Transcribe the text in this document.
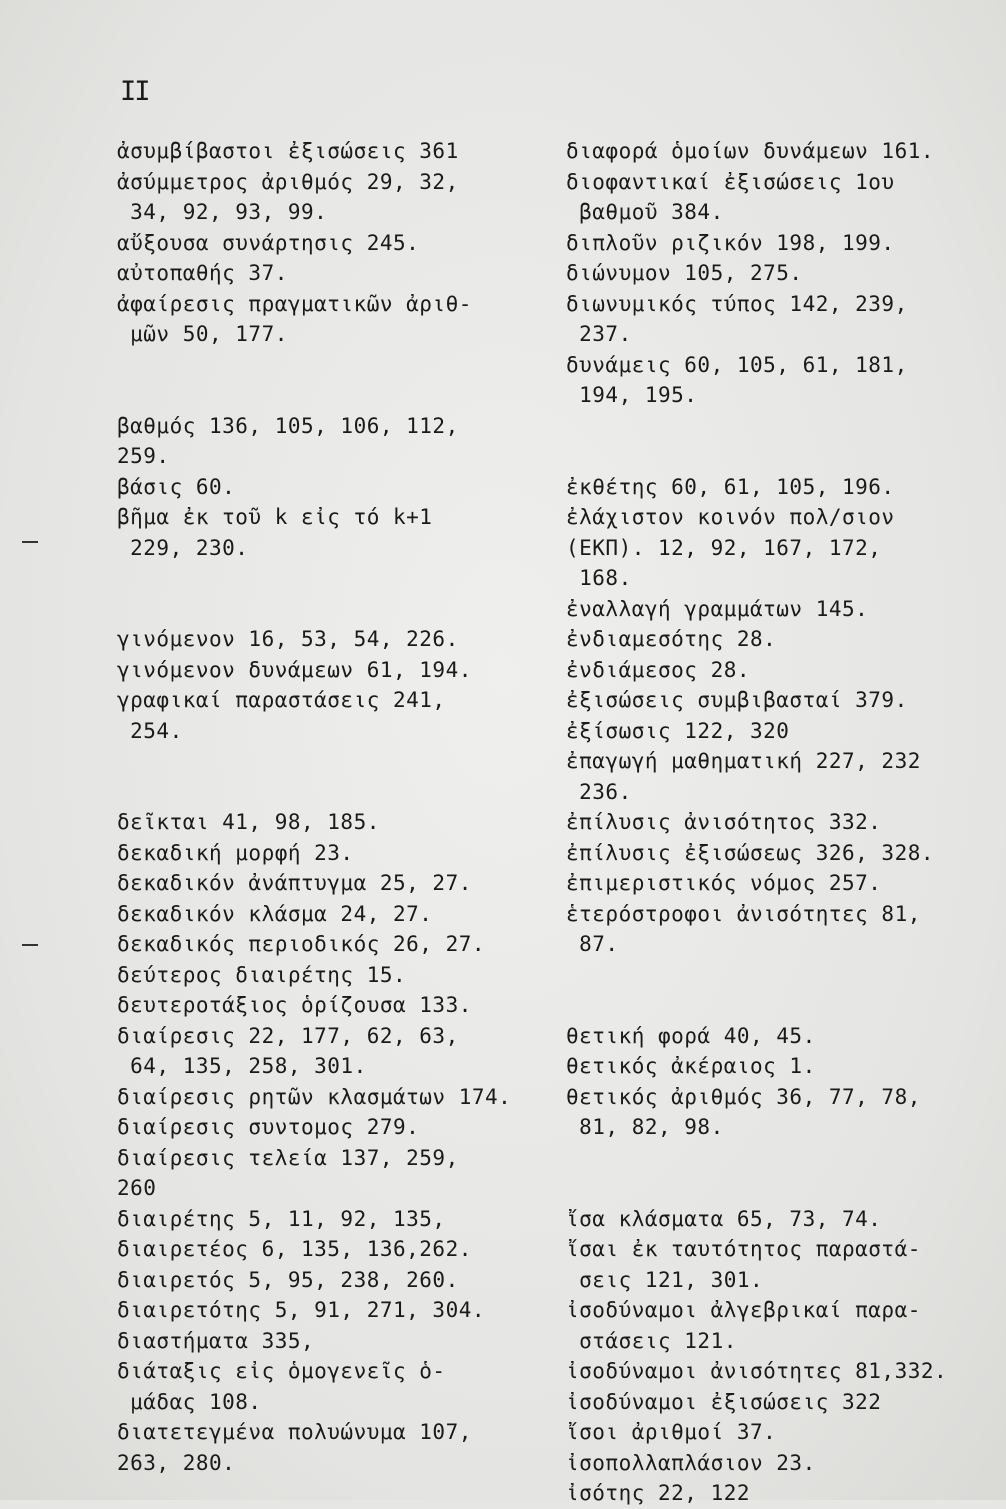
II
ἀσυμβίβαστοι ἐξισώσεις 361
ἀσύμμετρος ἀριθμός 29, 32,
34, 92, 93, 99.
αὔξουσα συνάρτησις 245.
αὐτοπαθής 37.
ἀφαίρεσις πραγματικῶν ἀριθ-
μῶν 50, 177.
βαθμός 136, 105, 106, 112,
259.
βάσις 60.
βῆμα ἐκ τοῦ k εἰς τό k+1
229, 230.
γινόμενον 16, 53, 54, 226.
γινόμενον δυνάμεων 61, 194.
γραφικαί παραστάσεις 241,
254.
δεῖκται 41, 98, 185.
δεκαδική μορφή 23.
δεκαδικόν ἀνάπτυγμα 25, 27.
δεκαδικόν κλάσμα 24, 27.
δεκαδικός περιοδικός 26, 27.
δεύτερος διαιρέτης 15.
δευτεροτάξιος ὁρίζουσα 133.
διαίρεσις 22, 177, 62, 63,
64, 135, 258, 301.
διαίρεσις ρητῶν κλασμάτων 174.
διαίρεσις συντομος 279.
διαίρεσις τελεία 137, 259,
260
διαιρέτης 5, 11, 92, 135,
διαιρετέος 6, 135, 136,262.
διαιρετός 5, 95, 238, 260.
διαιρετότης 5, 91, 271, 304.
διαστήματα 335,
διάταξις εἰς ὁμογενεῖς ὁ-
μάδας 108.
διατετεγμένα πολυώνυμα 107,
263, 280.
διαφορά ὁμοίων δυνάμεων 161.
διοφαντικαί ἐξισώσεις 1ου
βαθμοῦ 384.
διπλοῦν ριζικόν 198, 199.
διώνυμον 105, 275.
διωνυμικός τύπος 142, 239,
237.
δυνάμεις 60, 105, 61, 181,
194, 195.
ἐκθέτης 60, 61, 105, 196.
ἐλάχιστον κοινόν πολ/σιον
(ΕΚΠ). 12, 92, 167, 172,
168.
ἐναλλαγή γραμμάτων 145.
ἐνδιαμεσότης 28.
ἐνδιάμεσος 28.
ἐξισώσεις συμβιβασταί 379.
ἐξίσωσις 122, 320
ἐπαγωγή μαθηματική 227, 232
236.
ἐπίλυσις ἀνισότητος 332.
ἐπίλυσις ἐξισώσεως 326, 328.
ἐπιμεριστικός νόμος 257.
ἑτερόστροφοι ἀνισότητες 81,
87.
θετική φορά 40, 45.
θετικός ἀκέραιος 1.
θετικός ἀριθμός 36, 77, 78,
81, 82, 98.
ἴσα κλάσματα 65, 73, 74.
ἴσαι ἐκ ταυτότητος παραστά-
σεις 121, 301.
ἰσοδύναμοι ἀλγεβρικαί παρα-
στάσεις 121.
ἰσοδύναμοι ἀνισότητες 81,332.
ἰσοδύναμοι ἐξισώσεις 322
ἴσοι ἀριθμοί 37.
ἰσοπολλαπλάσιον 23.
ἰσότης 22, 122
